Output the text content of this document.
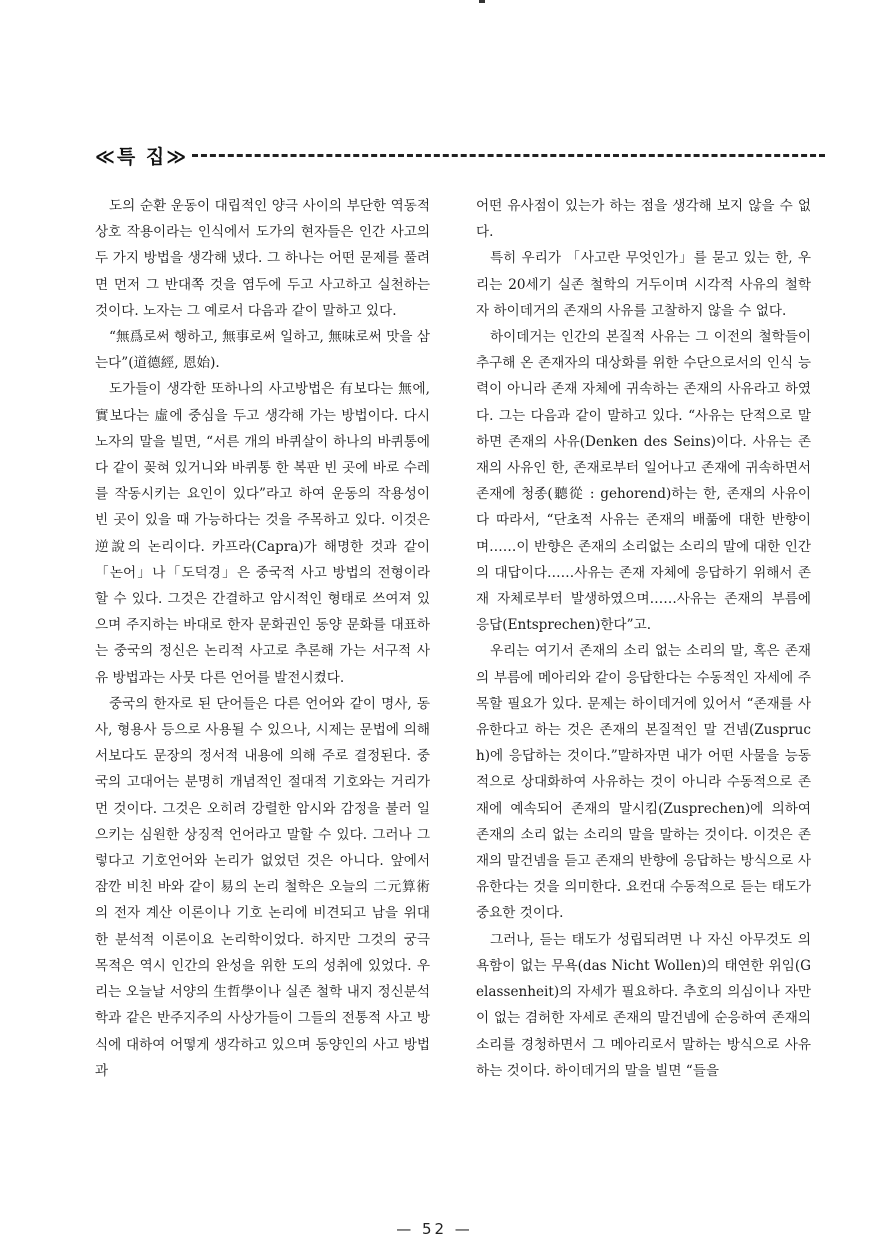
≪특 집≫

도의 순환 운동이 대립적인 양극 사이의 부단한 역동적 상호 작용이라는 인식에서 도가의 현자들은 인간 사고의 두 가지 방법을 생각해 냈다. 그 하나는 어떤 문제를 풀려면 먼저 그 반대쪽 것을 염두에 두고 사고하고 실천하는 것이다. 노자는 그 예로서 다음과 같이 말하고 있다.

“無爲로써 행하고, 無事로써 일하고, 無味로써 맛을 삼는다”(道德經, 恩始).

도가들이 생각한 또하나의 사고방법은 有보다는 無에, 實보다는 虛에 중심을 두고 생각해 가는 방법이다. 다시 노자의 말을 빌면, “서른 개의 바퀴살이 하나의 바퀴통에 다 같이 꽂혀 있거니와 바퀴통 한 복판 빈 곳에 바로 수레를 작동시키는 요인이 있다”라고 하여 운동의 작용성이 빈 곳이 있을 때 가능하다는 것을 주목하고 있다. 이것은 逆說의 논리이다. 카프라(Capra)가 해명한 것과 같이 「논어」나「도덕경」은 중국적 사고 방법의 전형이라 할 수 있다. 그것은 간결하고 암시적인 형태로 쓰여져 있으며 주지하는 바대로 한자 문화권인 동양 문화를 대표하는 중국의 정신은 논리적 사고로 추론해 가는 서구적 사유 방법과는 사뭇 다른 언어를 발전시켰다.

중국의 한자로 된 단어들은 다른 언어와 같이 명사, 동사, 형용사 등으로 사용될 수 있으나, 시제는 문법에 의해서보다도 문장의 정서적 내용에 의해 주로 결정된다. 중국의 고대어는 분명히 개념적인 절대적 기호와는 거리가 먼 것이다. 그것은 오히려 강렬한 암시와 감정을 불러 일으키는 심원한 상징적 언어라고 말할 수 있다. 그러나 그렇다고 기호언어와 논리가 없었던 것은 아니다. 앞에서 잠깐 비친 바와 같이 易의 논리 철학은 오늘의 二元算術의 전자 계산 이론이나 기호 논리에 비견되고 남을 위대한 분석적 이론이요 논리학이었다. 하지만 그것의 궁극 목적은 역시 인간의 완성을 위한 도의 성취에 있었다. 우리는 오늘날 서양의 生哲學이나 실존 철학 내지 정신분석학과 같은 반주지주의 사상가들이 그들의 전통적 사고 방식에 대하여 어떻게 생각하고 있으며 동양인의 사고 방법과

어떤 유사점이 있는가 하는 점을 생각해 보지 않을 수 없다.

특히 우리가 「사고란 무엇인가」를 묻고 있는 한, 우리는 20세기 실존 철학의 거두이며 시각적 사유의 철학자 하이데거의 존재의 사유를 고찰하지 않을 수 없다.

하이데거는 인간의 본질적 사유는 그 이전의 철학들이 추구해 온 존재자의 대상화를 위한 수단으로서의 인식 능력이 아니라 존재 자체에 귀속하는 존재의 사유라고 하였다. 그는 다음과 같이 말하고 있다. “사유는 단적으로 말하면 존재의 사유(Denken des Seins)이다. 사유는 존재의 사유인 한, 존재로부터 일어나고 존재에 귀속하면서 존재에 청종(聽從 : gehorend)하는 한, 존재의 사유이다 따라서, “단초적 사유는 존재의 배풂에 대한 반향이며……이 반향은 존재의 소리없는 소리의 말에 대한 인간의 대답이다……사유는 존재 자체에 응답하기 위해서 존재 자체로부터 발생하였으며……사유는 존재의 부름에 응답(Entsprechen)한다”고.

우리는 여기서 존재의 소리 없는 소리의 말, 혹은 존재의 부름에 메아리와 같이 응답한다는 수동적인 자세에 주목할 필요가 있다. 문제는 하이데거에 있어서 “존재를 사유한다고 하는 것은 존재의 본질적인 말 건넴(Zuspruch)에 응답하는 것이다.”말하자면 내가 어떤 사물을 능동적으로 상대화하여 사유하는 것이 아니라 수동적으로 존재에 예속되어 존재의 말시킴(Zusprechen)에 의하여 존재의 소리 없는 소리의 말을 말하는 것이다. 이것은 존재의 말건넴을 듣고 존재의 반향에 응답하는 방식으로 사유한다는 것을 의미한다. 요컨대 수동적으로 듣는 태도가 중요한 것이다.

그러나, 듣는 태도가 성립되려면 나 자신 아무것도 의욕함이 없는 무욕(das Nicht Wollen)의 태연한 위임(Gelassenheit)의 자세가 필요하다. 추호의 의심이나 자만이 없는 겸허한 자세로 존재의 말건넴에 순응하여 존재의 소리를 경청하면서 그 메아리로서 말하는 방식으로 사유하는 것이다. 하이데거의 말을 빌면 “들을

— 52 —
